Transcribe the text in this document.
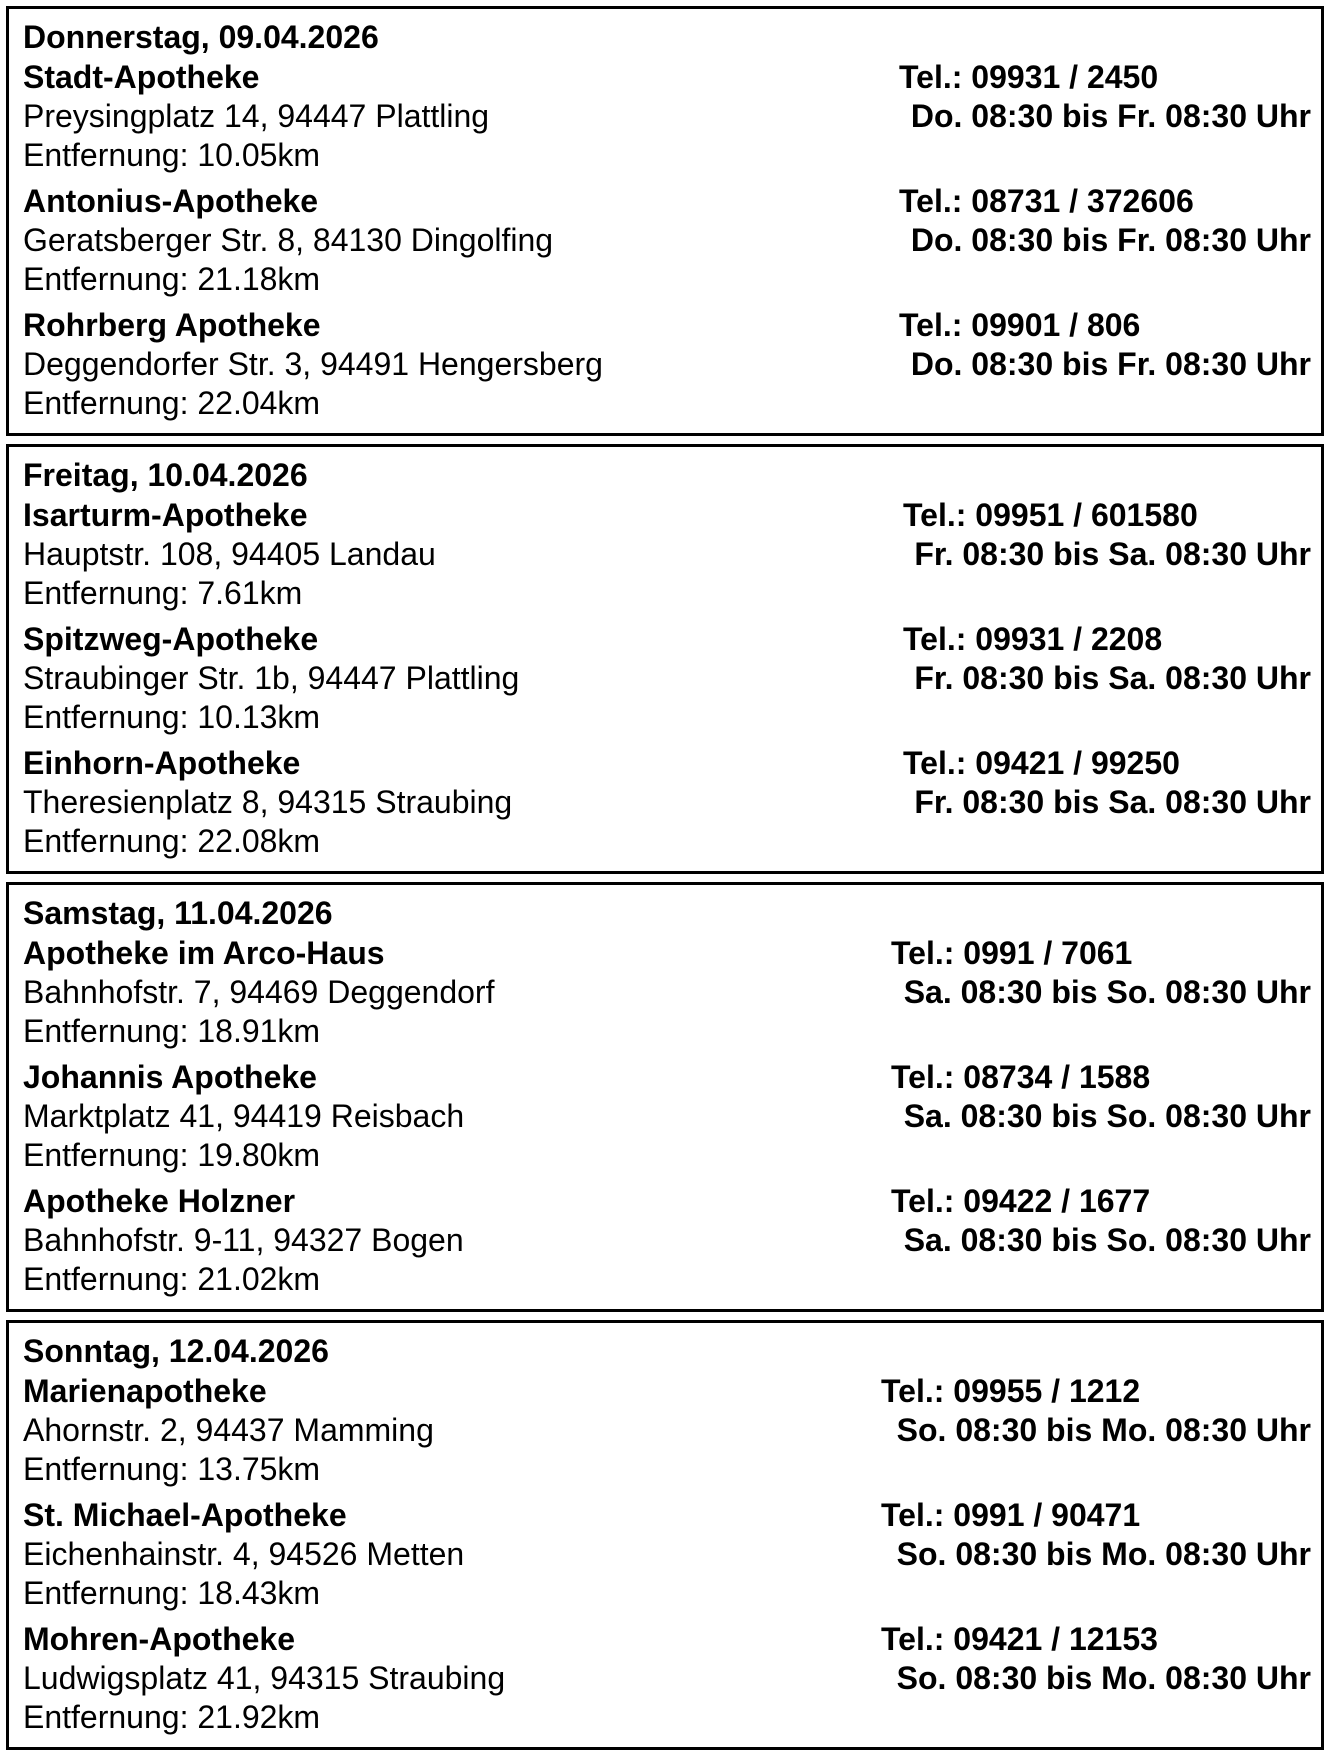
Donnerstag, 09.04.2026
Stadt-Apotheke
Preysingplatz 14, 94447 Plattling
Entfernung: 10.05km
Tel.: 09931 / 2450
Do. 08:30 bis Fr. 08:30 Uhr
Antonius-Apotheke
Geratsberger Str. 8, 84130 Dingolfing
Entfernung: 21.18km
Tel.: 08731 / 372606
Do. 08:30 bis Fr. 08:30 Uhr
Rohrberg Apotheke
Deggendorfer Str. 3, 94491 Hengersberg
Entfernung: 22.04km
Tel.: 09901 / 806
Do. 08:30 bis Fr. 08:30 Uhr
Freitag, 10.04.2026
Isarturm-Apotheke
Hauptstr. 108, 94405 Landau
Entfernung: 7.61km
Tel.: 09951 / 601580
Fr. 08:30 bis Sa. 08:30 Uhr
Spitzweg-Apotheke
Straubinger Str. 1b, 94447 Plattling
Entfernung: 10.13km
Tel.: 09931 / 2208
Fr. 08:30 bis Sa. 08:30 Uhr
Einhorn-Apotheke
Theresienplatz 8, 94315 Straubing
Entfernung: 22.08km
Tel.: 09421 / 99250
Fr. 08:30 bis Sa. 08:30 Uhr
Samstag, 11.04.2026
Apotheke im Arco-Haus
Bahnhofstr. 7, 94469 Deggendorf
Entfernung: 18.91km
Tel.: 0991 / 7061
Sa. 08:30 bis So. 08:30 Uhr
Johannis Apotheke
Marktplatz 41, 94419 Reisbach
Entfernung: 19.80km
Tel.: 08734 / 1588
Sa. 08:30 bis So. 08:30 Uhr
Apotheke Holzner
Bahnhofstr. 9-11, 94327 Bogen
Entfernung: 21.02km
Tel.: 09422 / 1677
Sa. 08:30 bis So. 08:30 Uhr
Sonntag, 12.04.2026
Marienapotheke
Ahornstr. 2, 94437 Mamming
Entfernung: 13.75km
Tel.: 09955 / 1212
So. 08:30 bis Mo. 08:30 Uhr
St. Michael-Apotheke
Eichenhainstr. 4, 94526 Metten
Entfernung: 18.43km
Tel.: 0991 / 90471
So. 08:30 bis Mo. 08:30 Uhr
Mohren-Apotheke
Ludwigsplatz 41, 94315 Straubing
Entfernung: 21.92km
Tel.: 09421 / 12153
So. 08:30 bis Mo. 08:30 Uhr
